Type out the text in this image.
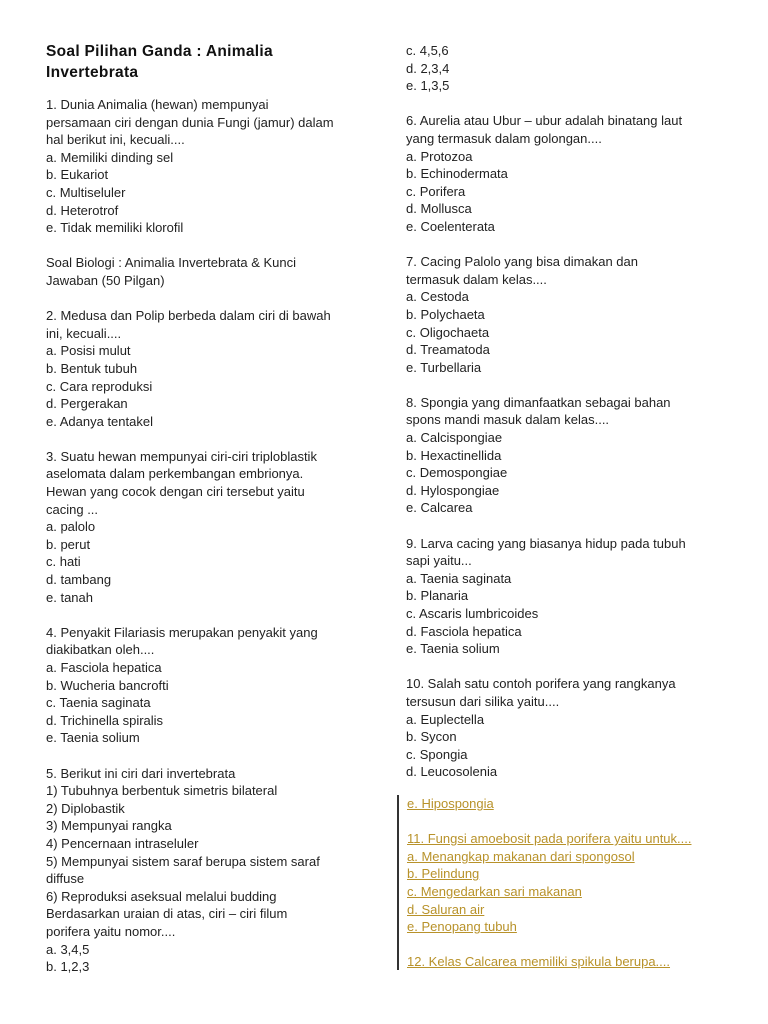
Soal Pilihan Ganda : Animalia
Invertebrata
1. Dunia Animalia (hewan) mempunyai
persamaan ciri dengan dunia Fungi (jamur) dalam
hal berikut ini, kecuali....
a. Memiliki dinding sel
b. Eukariot
c. Multiseluler
d. Heterotrof
e. Tidak memiliki klorofil
Soal Biologi : Animalia Invertebrata & Kunci
Jawaban (50 Pilgan)
2. Medusa dan Polip berbeda dalam ciri di bawah
ini, kecuali....
a. Posisi mulut
b. Bentuk tubuh
c. Cara reproduksi
d. Pergerakan
e. Adanya tentakel
3. Suatu hewan mempunyai ciri-ciri triploblastik
aselomata dalam perkembangan embrionya.
Hewan yang cocok dengan ciri tersebut yaitu
cacing ...
a. palolo
b. perut
c. hati
d. tambang
e. tanah
4. Penyakit Filariasis merupakan penyakit yang
diakibatkan oleh....
a. Fasciola hepatica
b. Wucheria bancrofti
c. Taenia saginata
d. Trichinella spiralis
e. Taenia solium
5. Berikut ini ciri dari invertebrata
1) Tubuhnya berbentuk simetris bilateral
2) Diplobastik
3) Mempunyai rangka
4) Pencernaan intraseluler
5) Mempunyai sistem saraf berupa sistem saraf
diffuse
6) Reproduksi aseksual melalui budding
Berdasarkan uraian di atas, ciri – ciri filum
porifera yaitu nomor....
a. 3,4,5
b. 1,2,3
c. 4,5,6
d. 2,3,4
e. 1,3,5
6. Aurelia atau Ubur – ubur adalah binatang laut
yang termasuk dalam golongan....
a. Protozoa
b. Echinodermata
c. Porifera
d. Mollusca
e. Coelenterata
7. Cacing Palolo yang bisa dimakan dan
termasuk dalam kelas....
a. Cestoda
b. Polychaeta
c. Oligochaeta
d. Treamatoda
e. Turbellaria
8. Spongia yang dimanfaatkan sebagai bahan
spons mandi masuk dalam kelas....
a. Calcispongiae
b. Hexactinellida
c. Demospongiae
d. Hylospongiae
e. Calcarea
9. Larva cacing yang biasanya hidup pada tubuh
sapi yaitu...
a. Taenia saginata
b. Planaria
c. Ascaris lumbricoides
d. Fasciola hepatica
e. Taenia solium
10. Salah satu contoh porifera yang rangkanya
tersusun dari silika yaitu....
a. Euplectella
b. Sycon
c. Spongia
d. Leucosolenia
e. Hipospongia
11. Fungsi amoebosit pada porifera yaitu untuk....
a. Menangkap makanan dari spongosol
b. Pelindung
c. Mengedarkan sari makanan
d. Saluran air
e. Penopang tubuh
12. Kelas Calcarea memiliki spikula berupa....
